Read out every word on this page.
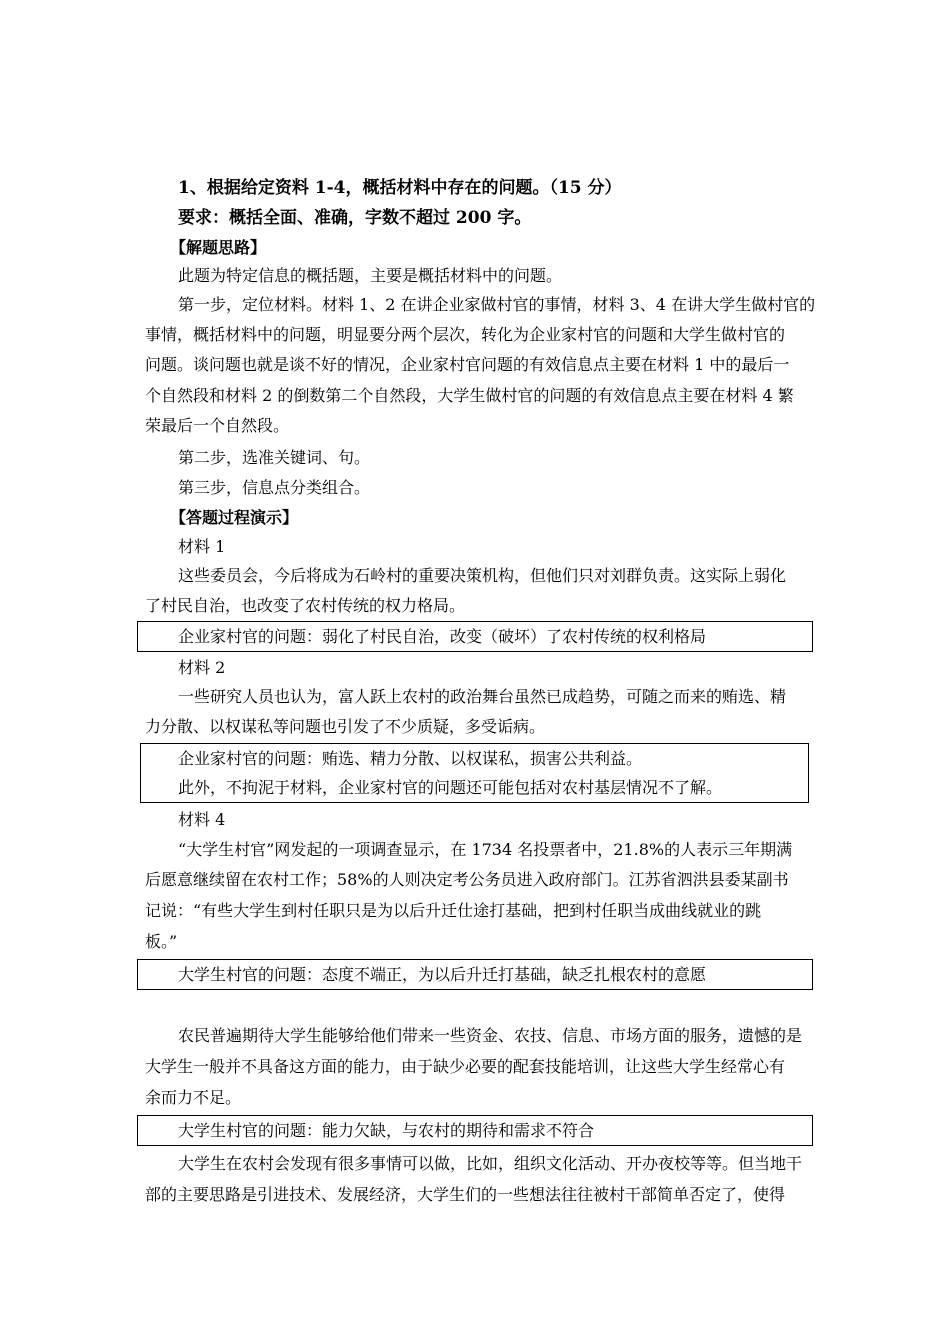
1、根据给定资料 1-4，概括材料中存在的问题。（15 分）
要求：概括全面、准确，字数不超过 200 字。
【解题思路】
此题为特定信息的概括题，主要是概括材料中的问题。
第一步，定位材料。材料 1、2 在讲企业家做村官的事情，材料 3、4 在讲大学生做村官的
事情，概括材料中的问题，明显要分两个层次，转化为企业家村官的问题和大学生做村官的
问题。谈问题也就是谈不好的情况，企业家村官问题的有效信息点主要在材料 1 中的最后一
个自然段和材料 2 的倒数第二个自然段，大学生做村官的问题的有效信息点主要在材料 4 繁
荣最后一个自然段。
第二步，选准关键词、句。
第三步，信息点分类组合。
【答题过程演示】
材料 1
这些委员会，今后将成为石岭村的重要决策机构，但他们只对刘群负责。这实际上弱化
了村民自治，也改变了农村传统的权力格局。
企业家村官的问题：弱化了村民自治，改变（破坏）了农村传统的权利格局
材料 2
一些研究人员也认为，富人跃上农村的政治舞台虽然已成趋势，可随之而来的贿选、精
力分散、以权谋私等问题也引发了不少质疑，多受诟病。
企业家村官的问题：贿选、精力分散、以权谋私，损害公共利益。
此外，不拘泥于材料，企业家村官的问题还可能包括对农村基层情况不了解。
材料 4
“大学生村官”网发起的一项调查显示，在 1734 名投票者中，21.8%的人表示三年期满
后愿意继续留在农村工作；58%的人则决定考公务员进入政府部门。江苏省泗洪县委某副书
记说：“有些大学生到村任职只是为以后升迁仕途打基础，把到村任职当成曲线就业的跳
板。”
大学生村官的问题：态度不端正，为以后升迁打基础，缺乏扎根农村的意愿
农民普遍期待大学生能够给他们带来一些资金、农技、信息、市场方面的服务，遗憾的是
大学生一般并不具备这方面的能力，由于缺少必要的配套技能培训，让这些大学生经常心有
余而力不足。
大学生村官的问题：能力欠缺，与农村的期待和需求不符合
大学生在农村会发现有很多事情可以做，比如，组织文化活动、开办夜校等等。但当地干
部的主要思路是引进技术、发展经济，大学生们的一些想法往往被村干部简单否定了，使得
